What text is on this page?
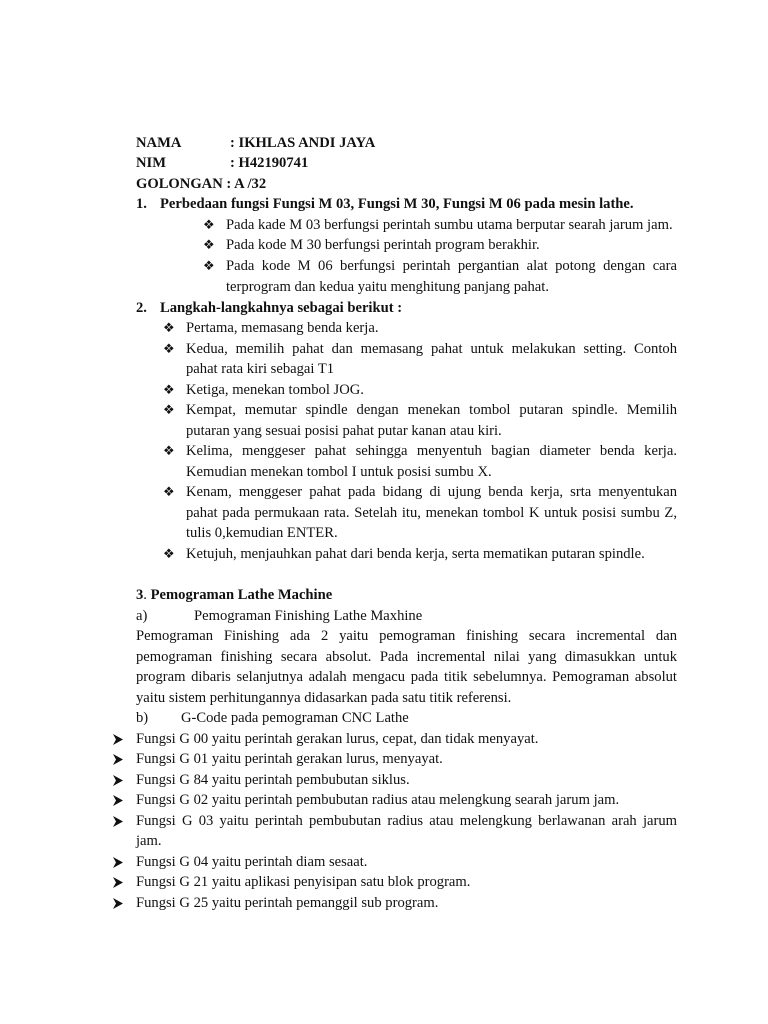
NAMA	: IKHLAS ANDI JAYA
NIM	: H42190741
GOLONGAN : A /32
1. Perbedaan fungsi Fungsi M 03, Fungsi M 30, Fungsi M 06 pada mesin lathe.
❖ Pada kade M 03 berfungsi perintah sumbu utama berputar searah jarum jam.
❖ Pada kode M 30 berfungsi perintah program berakhir.
❖ Pada kode M 06 berfungsi perintah pergantian alat potong dengan cara
terprogram dan kedua yaitu menghitung panjang pahat.
2. Langkah-langkahnya sebagai berikut :
❖ Pertama, memasang benda kerja.
❖ Kedua, memilih pahat dan memasang pahat untuk melakukan setting. Contoh
pahat rata kiri sebagai T1
❖ Ketiga, menekan tombol JOG.
❖ Kempat, memutar spindle dengan menekan tombol putaran spindle. Memilih
putaran yang sesuai posisi pahat putar kanan atau kiri.
❖ Kelima, menggeser pahat sehingga menyentuh bagian diameter benda kerja.
Kemudian menekan tombol I untuk posisi sumbu X.
❖ Kenam, menggeser pahat pada bidang di ujung benda kerja, srta menyentukan
pahat pada permukaan rata. Setelah itu, menekan tombol K untuk posisi sumbu Z,
tulis 0,kemudian ENTER.
❖ Ketujuh, menjauhkan pahat dari benda kerja, serta mematikan putaran spindle.
3. Pemograman Lathe Machine
a)	Pemograman Finishing Lathe Maxhine
Pemograman Finishing ada 2 yaitu pemograman finishing secara incremental dan
pemograman finishing secara absolut. Pada incremental nilai yang dimasukkan untuk
program dibaris selanjutnya adalah mengacu pada titik sebelumnya. Pemograman absolut
yaitu sistem perhitungannya didasarkan pada satu titik referensi.
b) G-Code pada pemograman CNC Lathe
Fungsi G 00 yaitu perintah gerakan lurus, cepat, dan tidak menyayat.
Fungsi G 01 yaitu perintah gerakan lurus, menyayat.
Fungsi G 84 yaitu perintah pembubutan siklus.
Fungsi G 02 yaitu perintah pembubutan radius atau melengkung searah jarum jam.
Fungsi G 03 yaitu perintah pembubutan radius atau melengkung berlawanan arah jarum
jam.
Fungsi G 04 yaitu perintah diam sesaat.
Fungsi G 21 yaitu aplikasi penyisipan satu blok program.
Fungsi G 25 yaitu perintah pemanggil sub program.
